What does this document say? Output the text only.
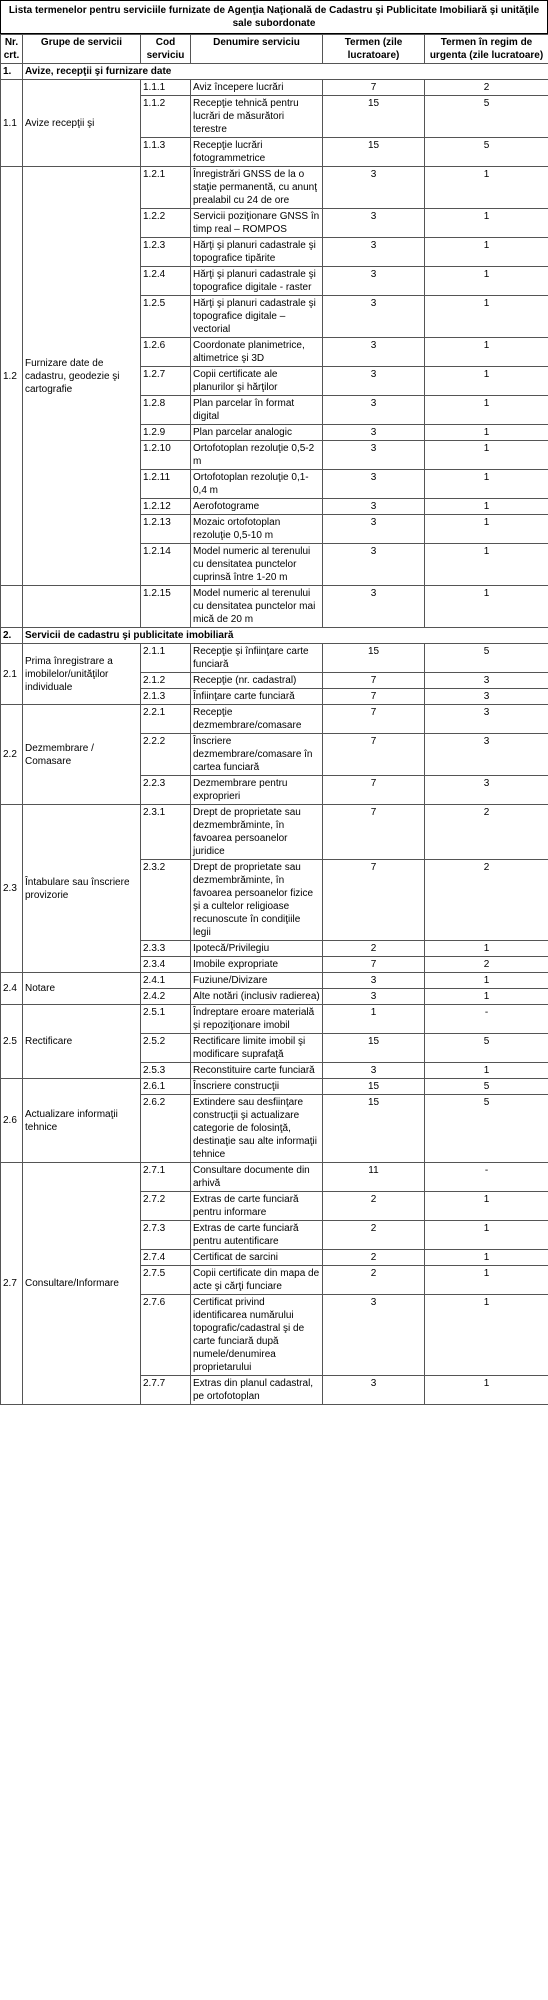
Lista termenelor pentru serviciile furnizate de Agenţia Naţională de Cadastru şi Publicitate Imobiliară şi unităţile sale subordonate
Nr. crt.	Grupe de servicii	Cod serviciu	Denumire serviciu	Termen (zile lucratoare)	Termen în regim de urgenta (zile lucratoare)
1.	Avize, recepţii şi furnizare date				
1.1	Avize recepţii şi	1.1.1	Aviz începere lucrări	7	2
		1.1.2	Recepţie tehnică pentru lucrări de măsurători terestre	15	5
		1.1.3	Recepţie lucrări fotogrammetrice	15	5
1.2	Furnizare date de cadastru, geodezie şi cartografie	1.2.1	Înregistrări GNSS de la o staţie permanentă, cu anunţ prealabil cu 24 de ore	3	1
		1.2.2	Servicii poziţionare GNSS în timp real – ROMPOS	3	1
		1.2.3	Hărţi şi planuri cadastrale şi topografice tipărite	3	1
		1.2.4	Hărţi şi planuri cadastrale şi topografice digitale - raster	3	1
		1.2.5	Hărţi şi planuri cadastrale şi topografice digitale – vectorial	3	1
		1.2.6	Coordonate planimetrice, altimetrice şi 3D	3	1
		1.2.7	Copii certificate ale planurilor şi hărţilor	3	1
		1.2.8	Plan parcelar în format digital	3	1
		1.2.9	Plan parcelar analogic	3	1
		1.2.10	Ortofotoplan rezoluţie 0,5-2 m	3	1
		1.2.11	Ortofotoplan rezoluţie 0,1-0,4 m	3	1
		1.2.12	Aerofotograme	3	1
		1.2.13	Mozaic ortofotoplan rezoluţie 0,5-10 m	3	1
		1.2.14	Model numeric al terenului cu densitatea punctelor cuprinsă între 1-20 m	3	1
		1.2.15	Model numeric al terenului cu densitatea punctelor mai mică de 20 m	3	1
2.	Servicii de cadastru şi publicitate imobiliară				
2.1	Prima înregistrare a imobilelor/unităţilor individuale	2.1.1	Recepţie şi înfiinţare carte funciară	15	5
		2.1.2	Recepţie (nr. cadastral)	7	3
		2.1.3	Înfiinţare carte funciară	7	3
2.2	Dezmembrare / Comasare	2.2.1	Recepţie dezmembrare/comasare	7	3
		2.2.2	Înscriere dezmembrare/comasare în cartea funciară	7	3
		2.2.3	Dezmembrare pentru exproprieri	7	3
2.3	Întabulare sau înscriere provizorie	2.3.1	Drept de proprietate sau dezmembrăminte, în favoarea persoanelor juridice	7	2
		2.3.2	Drept de proprietate sau dezmembrăminte, în favoarea persoanelor fizice şi a cultelor religioase recunoscute în condiţiile legii	7	2
		2.3.3	Ipotecă/Privilegiu	2	1
		2.3.4	Imobile expropriate	7	2
2.4	Notare	2.4.1	Fuziune/Divizare	3	1
		2.4.2	Alte notări (inclusiv radierea)	3	1
2.5	Rectificare	2.5.1	Îndreptare eroare materială şi repoziţionare imobil	1	-
		2.5.2	Rectificare limite imobil şi modificare suprafaţă	15	5
		2.5.3	Reconstituire carte funciară	3	1
2.6	Actualizare informaţii tehnice	2.6.1	Înscriere construcţii	15	5
		2.6.2	Extindere sau desfiinţare construcţii şi actualizare categorie de folosinţă, destinaţie sau alte informaţii tehnice	15	5
2.7	Consultare/Informare	2.7.1	Consultare documente din arhivă	11	-
		2.7.2	Extras de carte funciară pentru informare	2	1
		2.7.3	Extras de carte funciară pentru autentificare	2	1
		2.7.4	Certificat de sarcini	2	1
		2.7.5	Copii certificate din mapa de acte şi cărţi funciare	2	1
		2.7.6	Certificat privind identificarea numărului topografic/cadastral şi de carte funciară după numele/denumirea proprietarului	3	1
		2.7.7	Extras din planul cadastral, pe ortofotoplan	3	1
